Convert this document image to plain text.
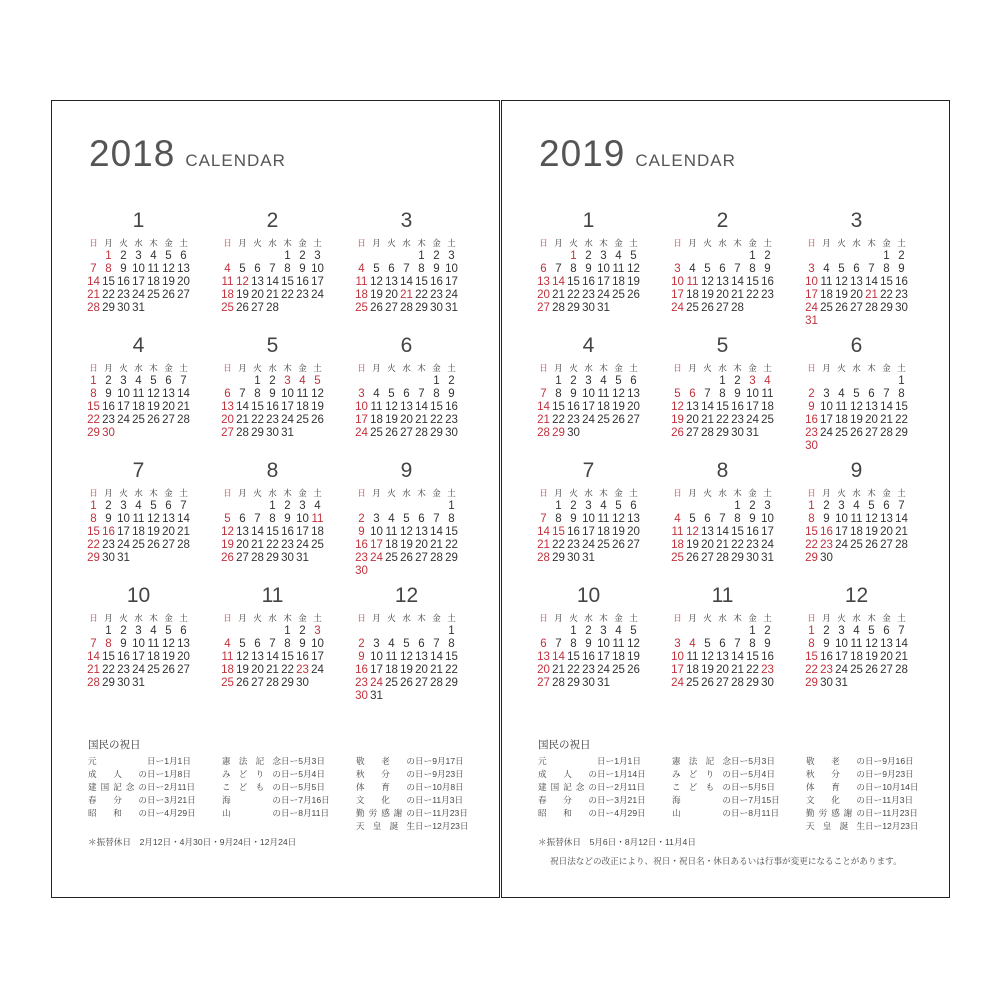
2018 CALENDAR
1
日 月 火 水 木 金 土
1 2 3 4 5 6
7 8 9 10 11 12 13
14 15 16 17 18 19 20
21 22 23 24 25 26 27
28 29 30 31
2
日 月 火 水 木 金 土
1 2 3
4 5 6 7 8 9 10
11 12 13 14 15 16 17
18 19 20 21 22 23 24
25 26 27 28
3
日 月 火 水 木 金 土
1 2 3
4 5 6 7 8 9 10
11 12 13 14 15 16 17
18 19 20 21 22 23 24
25 26 27 28 29 30 31
4
日 月 火 水 木 金 土
1 2 3 4 5 6 7
8 9 10 11 12 13 14
15 16 17 18 19 20 21
22 23 24 25 26 27 28
29 30
5
日 月 火 水 木 金 土
1 2 3 4 5
6 7 8 9 10 11 12
13 14 15 16 17 18 19
20 21 22 23 24 25 26
27 28 29 30 31
6
日 月 火 水 木 金 土
1 2
3 4 5 6 7 8 9
10 11 12 13 14 15 16
17 18 19 20 21 22 23
24 25 26 27 28 29 30
7
日 月 火 水 木 金 土
1 2 3 4 5 6 7
8 9 10 11 12 13 14
15 16 17 18 19 20 21
22 23 24 25 26 27 28
29 30 31
8
日 月 火 水 木 金 土
1 2 3 4
5 6 7 8 9 10 11
12 13 14 15 16 17 18
19 20 21 22 23 24 25
26 27 28 29 30 31
9
日 月 火 水 木 金 土
1
2 3 4 5 6 7 8
9 10 11 12 13 14 15
16 17 18 19 20 21 22
23 24 25 26 27 28 29
30
10
日 月 火 水 木 金 土
1 2 3 4 5 6
7 8 9 10 11 12 13
14 15 16 17 18 19 20
21 22 23 24 25 26 27
28 29 30 31
11
日 月 火 水 木 金 土
1 2 3
4 5 6 7 8 9 10
11 12 13 14 15 16 17
18 19 20 21 22 23 24
25 26 27 28 29 30
12
日 月 火 水 木 金 土
1
2 3 4 5 6 7 8
9 10 11 12 13 14 15
16 17 18 19 20 21 22
23 24 25 26 27 28 29
30 31
国民の祝日
元　　　	日ー1月1日
成人の日ー1月8日
建国記念の日ー2月11日
春分の日ー3月21日
昭和の日ー4月29日
憲法記念日ー5月3日
みどりの日ー5月4日
こどもの日ー5月5日
海　の日ー7月16日
山　の日ー8月11日
敬老の日ー9月17日
秋分の日ー9月23日
体育の日ー10月8日
文化の日ー11月3日
勤労感謝の日ー11月23日
天皇誕生日ー12月23日
＊振替休日　2月12日・4月30日・9月24日・12月24日
2019 CALENDAR
1
日 月 火 水 木 金 土
1 2 3 4 5
6 7 8 9 10 11 12
13 14 15 16 17 18 19
20 21 22 23 24 25 26
27 28 29 30 31
2
日 月 火 水 木 金 土
1 2
3 4 5 6 7 8 9
10 11 12 13 14 15 16
17 18 19 20 21 22 23
24 25 26 27 28
3
日 月 火 水 木 金 土
1 2
3 4 5 6 7 8 9
10 11 12 13 14 15 16
17 18 19 20 21 22 23
24 25 26 27 28 29 30
31
4
日 月 火 水 木 金 土
1 2 3 4 5 6
7 8 9 10 11 12 13
14 15 16 17 18 19 20
21 22 23 24 25 26 27
28 29 30
5
日 月 火 水 木 金 土
1 2 3 4
5 6 7 8 9 10 11
12 13 14 15 16 17 18
19 20 21 22 23 24 25
26 27 28 29 30 31
6
日 月 火 水 木 金 土
1
2 3 4 5 6 7 8
9 10 11 12 13 14 15
16 17 18 19 20 21 22
23 24 25 26 27 28 29
30
7
日 月 火 水 木 金 土
1 2 3 4 5 6
7 8 9 10 11 12 13
14 15 16 17 18 19 20
21 22 23 24 25 26 27
28 29 30 31
8
日 月 火 水 木 金 土
1 2 3
4 5 6 7 8 9 10
11 12 13 14 15 16 17
18 19 20 21 22 23 24
25 26 27 28 29 30 31
9
日 月 火 水 木 金 土
1 2 3 4 5 6 7
8 9 10 11 12 13 14
15 16 17 18 19 20 21
22 23 24 25 26 27 28
29 30
10
日 月 火 水 木 金 土
1 2 3 4 5
6 7 8 9 10 11 12
13 14 15 16 17 18 19
20 21 22 23 24 25 26
27 28 29 30 31
11
日 月 火 水 木 金 土
1 2
3 4 5 6 7 8 9
10 11 12 13 14 15 16
17 18 19 20 21 22 23
24 25 26 27 28 29 30
12
日 月 火 水 木 金 土
1 2 3 4 5 6 7
8 9 10 11 12 13 14
15 16 17 18 19 20 21
22 23 24 25 26 27 28
29 30 31
国民の祝日
元　　　	日ー1月1日
成人の日ー1月14日
建国記念の日ー2月11日
春分の日ー3月21日
昭和の日ー4月29日
憲法記念日ー5月3日
みどりの日ー5月4日
こどもの日ー5月5日
海　の日ー7月15日
山　の日ー8月11日
敬老の日ー9月16日
秋分の日ー9月23日
体育の日ー10月14日
文化の日ー11月3日
勤労感謝の日ー11月23日
天皇誕生日ー12月23日
＊振替休日　5月6日・8月12日・11月4日
祝日法などの改正により、祝日・祝日名・休日あるいは行事が変更になることがあります。
